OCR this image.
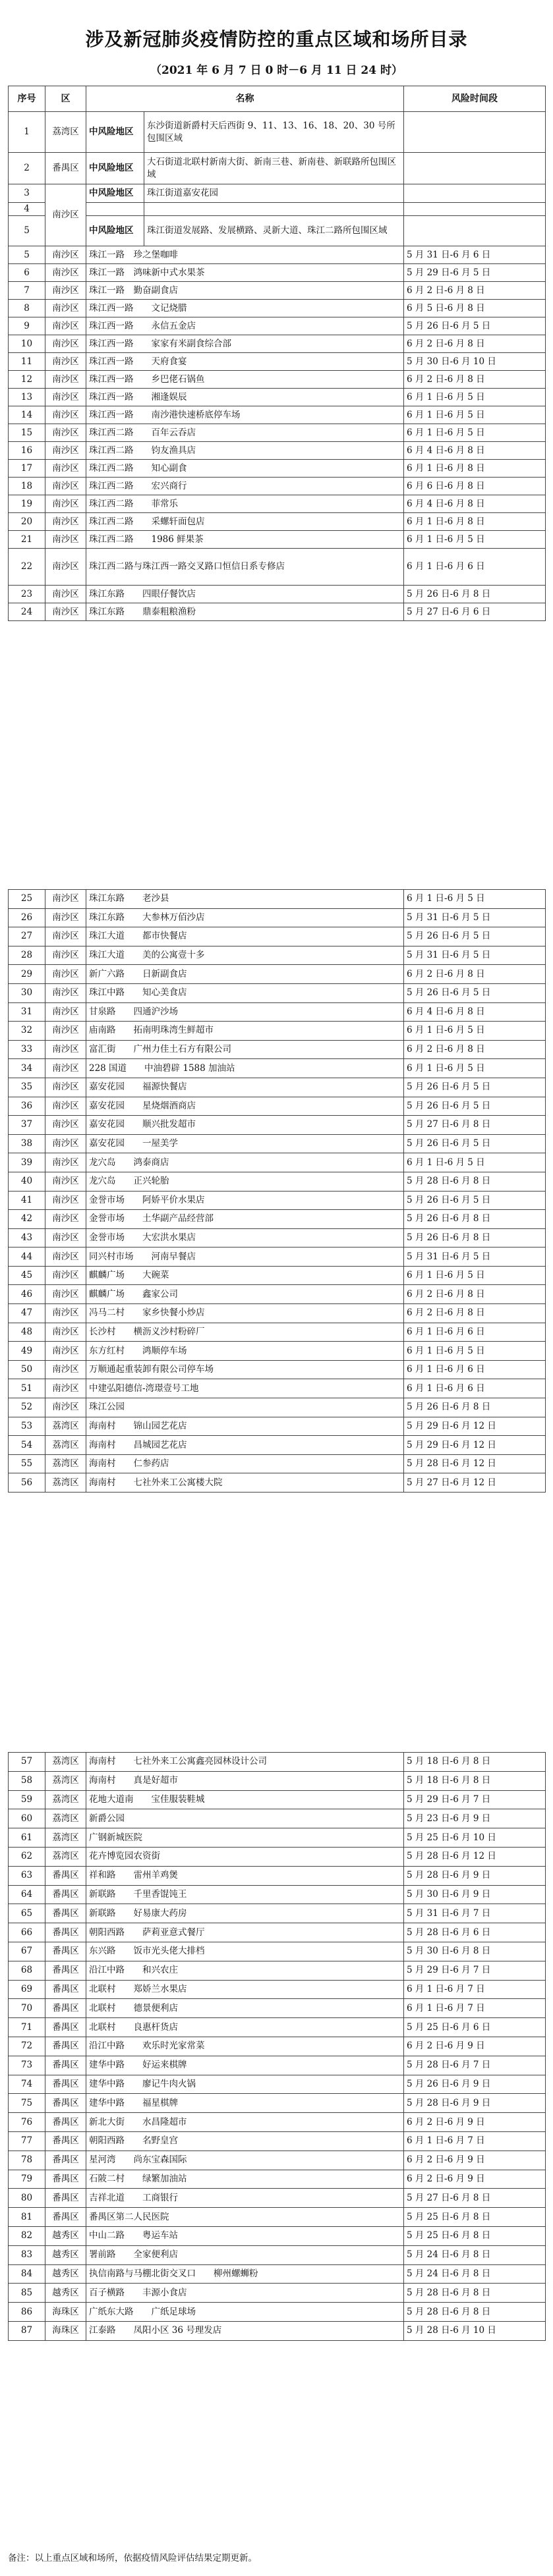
涉及新冠肺炎疫情防控的重点区域和场所目录
（2021 年 6 月 7 日 0 时－6 月 11 日 24 时）
序号	区	名称		风险时间段
1	荔湾区	中风险地区	东沙街道新爵村天后西街 9、11、13、16、18、20、30 号所包围区域	
2	番禺区	中风险地区	大石街道北联村新南大街、新南三巷、新南巷、新联路所包围区域	
3	南沙区	中风险地区	珠江街道嘉安花园	
4				
5		中风险地区	珠江街道发展路、发展横路、灵新大道、珠江二路所包围区域	
5	南沙区	珠江一路　珍之堡咖啡		5 月 31 日-6 月 6 日
6	南沙区	珠江一路　鸿味新中式水果茶		5 月 29 日-6 月 5 日
7	南沙区	珠江一路　勤奋副食店		6 月 2 日-6 月 8 日
8	南沙区	珠江西一路　　文记烧腊		6 月 5 日-6 月 8 日
9	南沙区	珠江西一路　　永信五金店		5 月 26 日-6 月 5 日
10	南沙区	珠江西一路　　家家有米副食综合部		6 月 2 日-6 月 8 日
11	南沙区	珠江西一路　　天府食宴		5 月 30 日-6 月 10 日
12	南沙区	珠江西一路　　乡巴佬石锅鱼		6 月 2 日-6 月 8 日
13	南沙区	珠江西一路　　湘逢娱辰		6 月 1 日-6 月 5 日
14	南沙区	珠江西一路　　南沙港快速桥底停车场		6 月 1 日-6 月 5 日
15	南沙区	珠江西二路　　百年云吞店		6 月 1 日-6 月 5 日
16	南沙区	珠江西二路　　钧友渔具店		6 月 4 日-6 月 8 日
17	南沙区	珠江西二路　　知心副食		6 月 1 日-6 月 8 日
18	南沙区	珠江西二路　　宏兴商行		6 月 6 日-6 月 8 日
19	南沙区	珠江西二路　　菲常乐		6 月 4 日-6 月 8 日
20	南沙区	珠江西二路　　采螺轩面包店		6 月 1 日-6 月 8 日
21	南沙区	珠江西二路　　1986 鲜果茶		6 月 1 日-6 月 5 日
22	南沙区	珠江西二路与珠江西一路交叉路口恒信日系专修店		6 月 1 日-6 月 6 日
23	南沙区	珠江东路　　四眼仔餐饮店		5 月 26 日-6 月 8 日
24	南沙区	珠江东路　　鼎泰粗粮渔粉		5 月 27 日-6 月 6 日
25	南沙区	珠江东路　　老沙县	6 月 1 日-6 月 5 日
26	南沙区	珠江东路　　大参林万佰沙店	5 月 31 日-6 月 5 日
27	南沙区	珠江大道　　都市快餐店	5 月 26 日-6 月 5 日
28	南沙区	珠江大道　　美的公寓壹十多	5 月 31 日-6 月 5 日
29	南沙区	新广六路　　日新副食店	6 月 2 日-6 月 8 日
30	南沙区	珠江中路　　知心美食店	5 月 26 日-6 月 5 日
31	南沙区	甘泉路　　四通沪沙场	6 月 4 日-6 月 8 日
32	南沙区	庙南路　　拓南明珠湾生鲜超市	6 月 1 日-6 月 5 日
33	南沙区	富汇街　　广州力佳土石方有限公司	6 月 2 日-6 月 8 日
34	南沙区	228 国道　　中油碧辟 1588 加油站	6 月 1 日-6 月 5 日
35	南沙区	嘉安花园　　福源快餐店	5 月 26 日-6 月 5 日
36	南沙区	嘉安花园　　星烧烟酒商店	5 月 26 日-6 月 5 日
37	南沙区	嘉安花园　　顺兴批发超市	5 月 27 日-6 月 8 日
38	南沙区	嘉安花园　　一屋美学	5 月 26 日-6 月 5 日
39	南沙区	龙穴岛　　鸿泰商店	6 月 1 日-6 月 5 日
40	南沙区	龙穴岛　　正兴轮胎	5 月 28 日-6 月 8 日
41	南沙区	金誉市场　　阿娇平价水果店	5 月 26 日-6 月 5 日
42	南沙区	金誉市场　　土华副产品经营部	5 月 26 日-6 月 8 日
43	南沙区	金誉市场　　大宏洪水果店	5 月 26 日-6 月 8 日
44	南沙区	同兴村市场　　河南早餐店	5 月 31 日-6 月 5 日
45	南沙区	麒麟广场　　大碗菜	6 月 1 日-6 月 5 日
46	南沙区	麒麟广场　　鑫家公司	6 月 2 日-6 月 8 日
47	南沙区	冯马二村　　家乡快餐小炒店	6 月 2 日-6 月 8 日
48	南沙区	长沙村　　横沥义沙村粉碎厂	6 月 1 日-6 月 6 日
49	南沙区	东方红村　　鸿顺停车场	6 月 1 日-6 月 5 日
50	南沙区	万顺通起重装卸有限公司停车场	6 月 1 日-6 月 6 日
51	南沙区	中建弘阳德信-湾璟壹号工地	6 月 1 日-6 月 6 日
52	南沙区	珠江公园	5 月 26 日-6 月 8 日
53	荔湾区	海南村　　锦山园艺花店	5 月 29 日-6 月 12 日
54	荔湾区	海南村　　昌城园艺花店	5 月 29 日-6 月 12 日
55	荔湾区	海南村　　仁参药店	5 月 28 日-6 月 12 日
56	荔湾区	海南村　　七社外来工公寓楼大院	5 月 27 日-6 月 12 日
57	荔湾区	海南村　　七社外来工公寓鑫亮园林设计公司	5 月 18 日-6 月 8 日
58	荔湾区	海南村　　真是好超市	5 月 18 日-6 月 8 日
59	荔湾区	花地大道南　　宝佳服装鞋城	5 月 29 日-6 月 7 日
60	荔湾区	新爵公园	5 月 23 日-6 月 9 日
61	荔湾区	广钢新城医院	5 月 25 日-6 月 10 日
62	荔湾区	花卉博览园农资街	5 月 28 日-6 月 12 日
63	番禺区	祥和路　　雷州羊鸡煲	5 月 28 日-6 月 9 日
64	番禺区	新联路　　千里香馄饨王	5 月 30 日-6 月 9 日
65	番禺区	新联路　　好易康大药房	5 月 31 日-6 月 7 日
66	番禺区	朝阳西路　　萨莉亚意式餐厅	5 月 28 日-6 月 6 日
67	番禺区	东兴路　　饭市光头佬大排档	5 月 30 日-6 月 8 日
68	番禺区	沿江中路　　和兴农庄	5 月 29 日-6 月 7 日
69	番禺区	北联村　　郑娇兰水果店	6 月 1 日-6 月 7 日
70	番禺区	北联村　　德景便利店	6 月 1 日-6 月 7 日
71	番禺区	北联村　　良惠杆货店	5 月 25 日-6 月 6 日
72	番禺区	沿江中路　　欢乐时光家常菜	6 月 2 日-6 月 9 日
73	番禺区	建华中路　　好运来棋牌	5 月 28 日-6 月 7 日
74	番禺区	建华中路　　廖记牛肉火锅	5 月 26 日-6 月 9 日
75	番禺区	建华中路　　福星棋牌	5 月 28 日-6 月 9 日
76	番禺区	新北大街　　水昌隆超市	6 月 2 日-6 月 9 日
77	番禺区	朝阳西路　　名野皇宫	6 月 1 日-6 月 7 日
78	番禺区	星河湾　　尚东宝森国际	6 月 2 日-6 月 9 日
79	番禺区	石陂二村　　绿繁加油站	6 月 2 日-6 月 9 日
80	番禺区	吉祥北道　　工商银行	5 月 27 日-6 月 8 日
81	番禺区	番禺区第二人民医院	5 月 25 日-6 月 8 日
82	越秀区	中山二路　　粤运车站	5 月 25 日-6 月 8 日
83	越秀区	署前路　　全家便利店	5 月 24 日-6 月 8 日
84	越秀区	执信南路与马棚北街交叉口　　柳州螺蛳粉	5 月 24 日-6 月 8 日
85	越秀区	百子横路　　丰源小食店	5 月 28 日-6 月 8 日
86	海珠区	广纸东大路　　广纸足球场	5 月 28 日-6 月 8 日
87	海珠区	江泰路　　凤阳小区 36 号理发店	5 月 28 日-6 月 10 日
备注：以上重点区域和场所，依据疫情风险评估结果定期更新。
